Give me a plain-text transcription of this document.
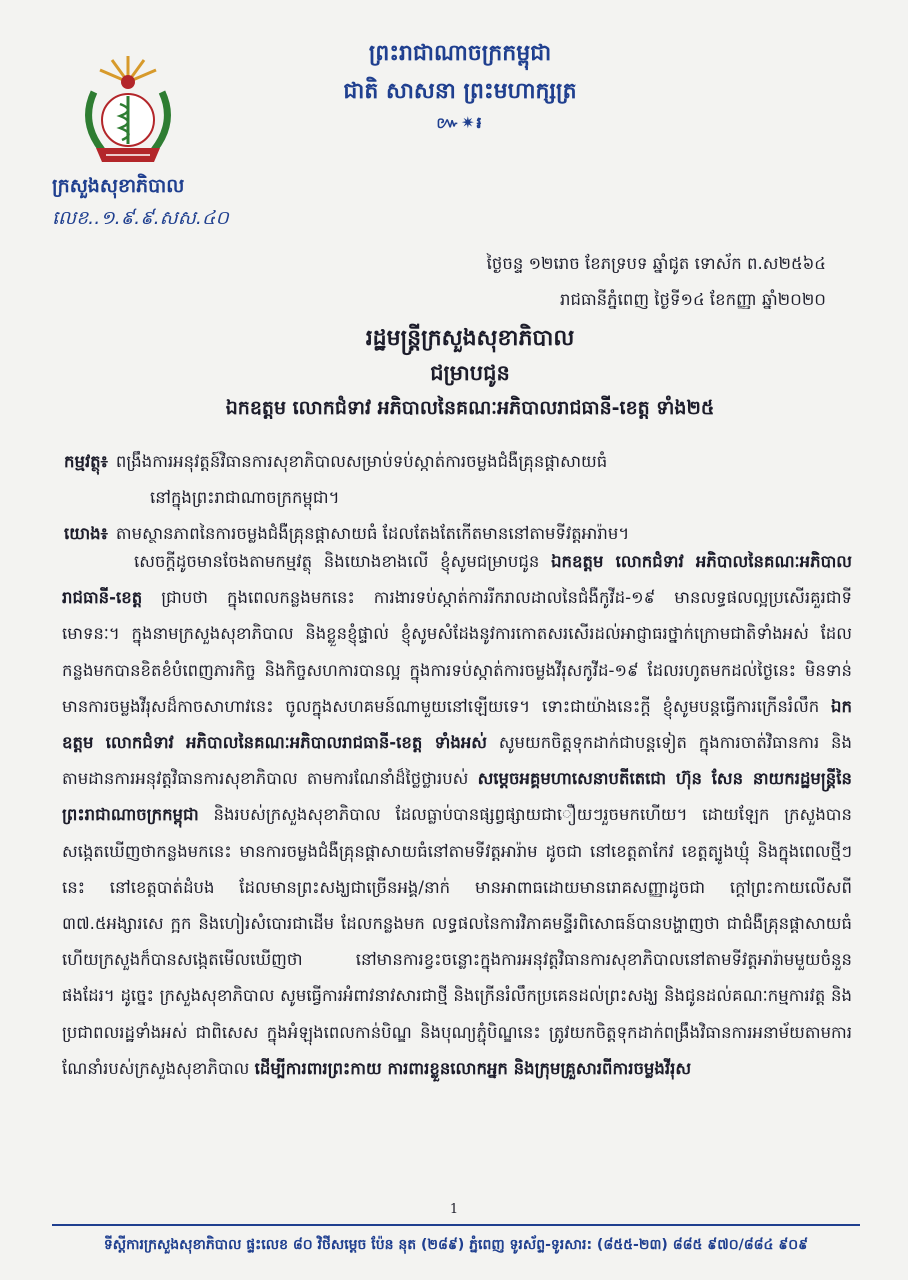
ព្រះរាជាណាចក្រកម្ពុជា
ជាតិ សាសនា ព្រះមហាក្សត្រ
៚✷៛
ក្រសួងសុខាភិបាល
លេខ..១.៩.៩.សស.៤០
ថ្ងៃចន្ទ ១២រោច ខែភទ្របទ ឆ្នាំជូត ទោស័ក ព.ស២៥៦៤
រាជធានីភ្នំពេញ ថ្ងៃទី១៤ ខែកញ្ញា ឆ្នាំ២០២០
រដ្ឋមន្ត្រីក្រសួងសុខាភិបាល
ជម្រាបជូន
ឯកឧត្តម លោកជំទាវ អភិបាលនៃគណៈអភិបាលរាជធានី-ខេត្ត ទាំង២៥
កម្មវត្ថុ៖ ពង្រឹងការអនុវត្តន៍វិធានការសុខាភិបាលសម្រាប់ទប់ស្កាត់ការចម្លងជំងឺគ្រុនផ្តាសាយធំ
នៅក្នុងព្រះរាជាណាចក្រកម្ពុជា។
យោង៖ តាមស្ថានភាពនៃការចម្លងជំងឺគ្រុនផ្តាសាយធំ ដែលតែងតែកើតមាននៅតាមទីវត្តអារ៉ាម។

សេចក្តីដូចមានចែងតាមកម្មវត្ថុ និងយោងខាងលើ ខ្ញុំសូមជម្រាបជូន ឯកឧត្តម លោកជំទាវ អភិបាលនៃគណៈអភិបាលរាជធានី-ខេត្ត ជ្រាបថា ក្នុងពេលកន្លងមកនេះ ការងារទប់ស្កាត់ការរីករាលដាលនៃជំងឺកូវីដ-១៩ មានលទ្ធផលល្អប្រសើរគួរជាទីមោទនៈ។ ក្នុងនាមក្រសួងសុខាភិបាល និងខ្លួនខ្ញុំផ្ទាល់ ខ្ញុំសូមសំដែងនូវការកោតសរសើរដល់អាជ្ញាធរថ្នាក់ក្រោមជាតិទាំងអស់ ដែលកន្លងមកបានខិតខំបំពេញភារកិច្ច និងកិច្ចសហការបានល្អ ក្នុងការទប់ស្កាត់ការចម្លងវីរុសកូវីដ-១៩ ដែលរហូតមកដល់ថ្ងៃនេះ មិនទាន់មានការចម្លងវីរុសដ៏កាចសាហាវនេះ ចូលក្នុងសហគមន៍ណាមួយនៅឡើយទេ។ ទោះជាយ៉ាងនេះក្តី ខ្ញុំសូមបន្តធ្វើការក្រើនរំលឹក ឯកឧត្តម លោកជំទាវ អភិបាលនៃគណៈអភិបាលរាជធានី-ខេត្ត ទាំងអស់ សូមយកចិត្តទុកដាក់ជាបន្តទៀត ក្នុងការចាត់វិធានការ និងតាមដានការអនុវត្តវិធានការសុខាភិបាល តាមការណែនាំដ៏ថ្លៃថ្លារបស់ សម្តេចអគ្គមហាសេនាបតីតេជោ ហ៊ុន សែន នាយករដ្ឋមន្ត្រីនៃព្រះរាជាណាចក្រកម្ពុជា និងរបស់ក្រសួងសុខាភិបាល ដែលធ្លាប់បានផ្សព្វផ្សាយជាឿយៗរួចមកហើយ។ ដោយឡែក ក្រសួងបានសង្កេតឃើញថាកន្លងមកនេះ មានការចម្លងជំងឺគ្រុនផ្តាសាយធំនៅតាមទីវត្តអារ៉ាម ដូចជា នៅខេត្តតាកែវ ខេត្តត្បូងឃ្មុំ និងក្នុងពេលថ្មីៗនេះ នៅខេត្តបាត់ដំបង ដែលមានព្រះសង្ឃជាច្រើនអង្គ/នាក់ មានអាពាធដោយមានរោគសញ្ញាដូចជា ក្តៅព្រះកាយលើសពី ៣៧.៥អង្សារសេ ក្អក និងហៀរសំបោរជាដើម ដែលកន្លងមក លទ្ធផលនៃការវិភាគមន្ទីរពិសោធន៍បានបង្ហាញថា ជាជំងឺគ្រុនផ្តាសាយធំ ហើយក្រសួងក៏បានសង្កេតមើលឃើញថា នៅមានការខ្វះចន្លោះក្នុងការអនុវត្តវិធានការសុខាភិបាលនៅតាមទីវត្តអារ៉ាមមួយចំនួនផងដែរ។ ដូច្នេះ ក្រសួងសុខាភិបាល សូមធ្វើការអំពាវនាវសារជាថ្មី និងក្រើនរំលឹកប្រគេនដល់ព្រះសង្ឃ និងជូនដល់គណៈកម្មការវត្ត និងប្រជាពលរដ្ឋទាំងអស់ ជាពិសេស ក្នុងអំឡុងពេលកាន់បិណ្ឌ និងបុណ្យភ្ជុំបិណ្ឌនេះ ត្រូវយកចិត្តទុកដាក់ពង្រឹងវិធានការអនាម័យតាមការណែនាំរបស់ក្រសួងសុខាភិបាល ដើម្បីការពារព្រះកាយ ការពារខ្លួនលោកអ្នក និងក្រុមគ្រួសារពីការចម្លងវីរុស

1
ទីស្តីការក្រសួងសុខាភិបាល ផ្ទះលេខ ៨០ វិថីសម្តេច ប៉ែន នុត (២៨៩) ភ្នំពេញ ទូរស័ព្ទ-ទូរសារ: (៨៥៥-២៣) ៨៨៥ ៩៧០/៨៨៤ ៩០៩
